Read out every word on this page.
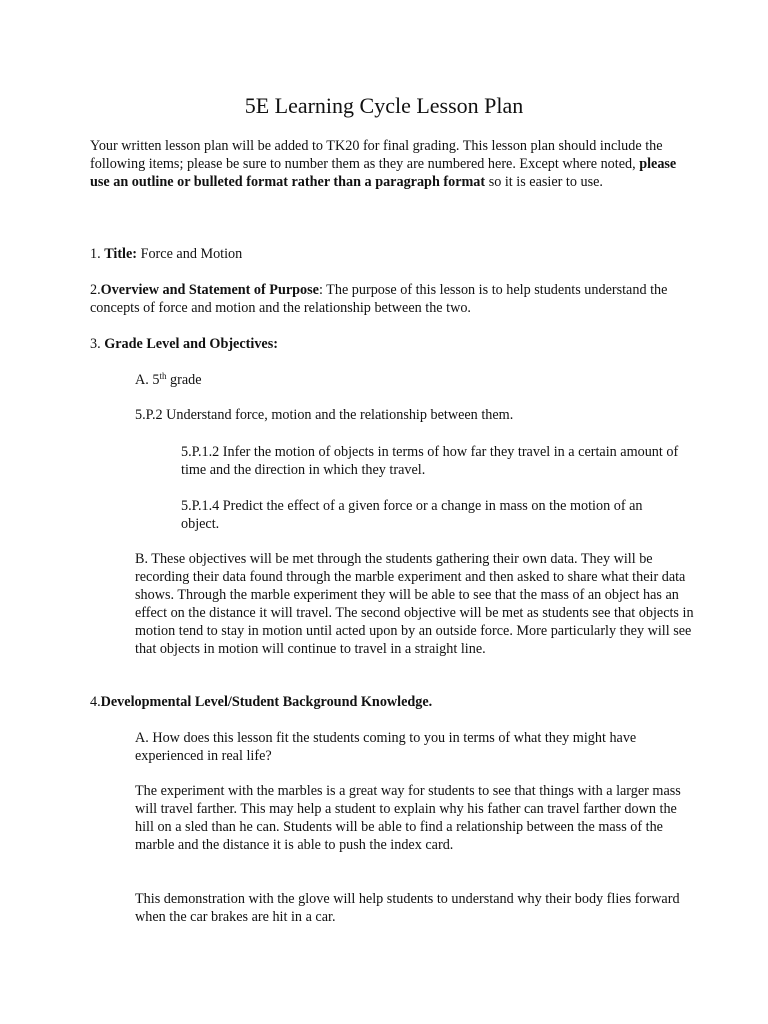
5E Learning Cycle Lesson Plan

Your written lesson plan will be added to TK20 for final grading. This lesson plan should include the following items; please be sure to number them as they are numbered here. Except where noted, please use an outline or bulleted format rather than a paragraph format so it is easier to use.

1. Title: Force and Motion

2.Overview and Statement of Purpose: The purpose of this lesson is to help students understand the concepts of force and motion and the relationship between the two.

3. Grade Level and Objectives:

A. 5th grade

5.P.2 Understand force, motion and the relationship between them.

5.P.1.2 Infer the motion of objects in terms of how far they travel in a certain amount of time and the direction in which they travel.

5.P.1.4 Predict the effect of a given force or a change in mass on the motion of an object.

B. These objectives will be met through the students gathering their own data. They will be recording their data found through the marble experiment and then asked to share what their data shows. Through the marble experiment they will be able to see that the mass of an object has an effect on the distance it will travel. The second objective will be met as students see that objects in motion tend to stay in motion until acted upon by an outside force. More particularly they will see that objects in motion will continue to travel in a straight line.

4.Developmental Level/Student Background Knowledge.

A. How does this lesson fit the students coming to you in terms of what they might have experienced in real life?

The experiment with the marbles is a great way for students to see that things with a larger mass will travel farther. This may help a student to explain why his father can travel farther down the hill on a sled than he can. Students will be able to find a relationship between the mass of the marble and the distance it is able to push the index card.

This demonstration with the glove will help students to understand why their body flies forward when the car brakes are hit in a car.
